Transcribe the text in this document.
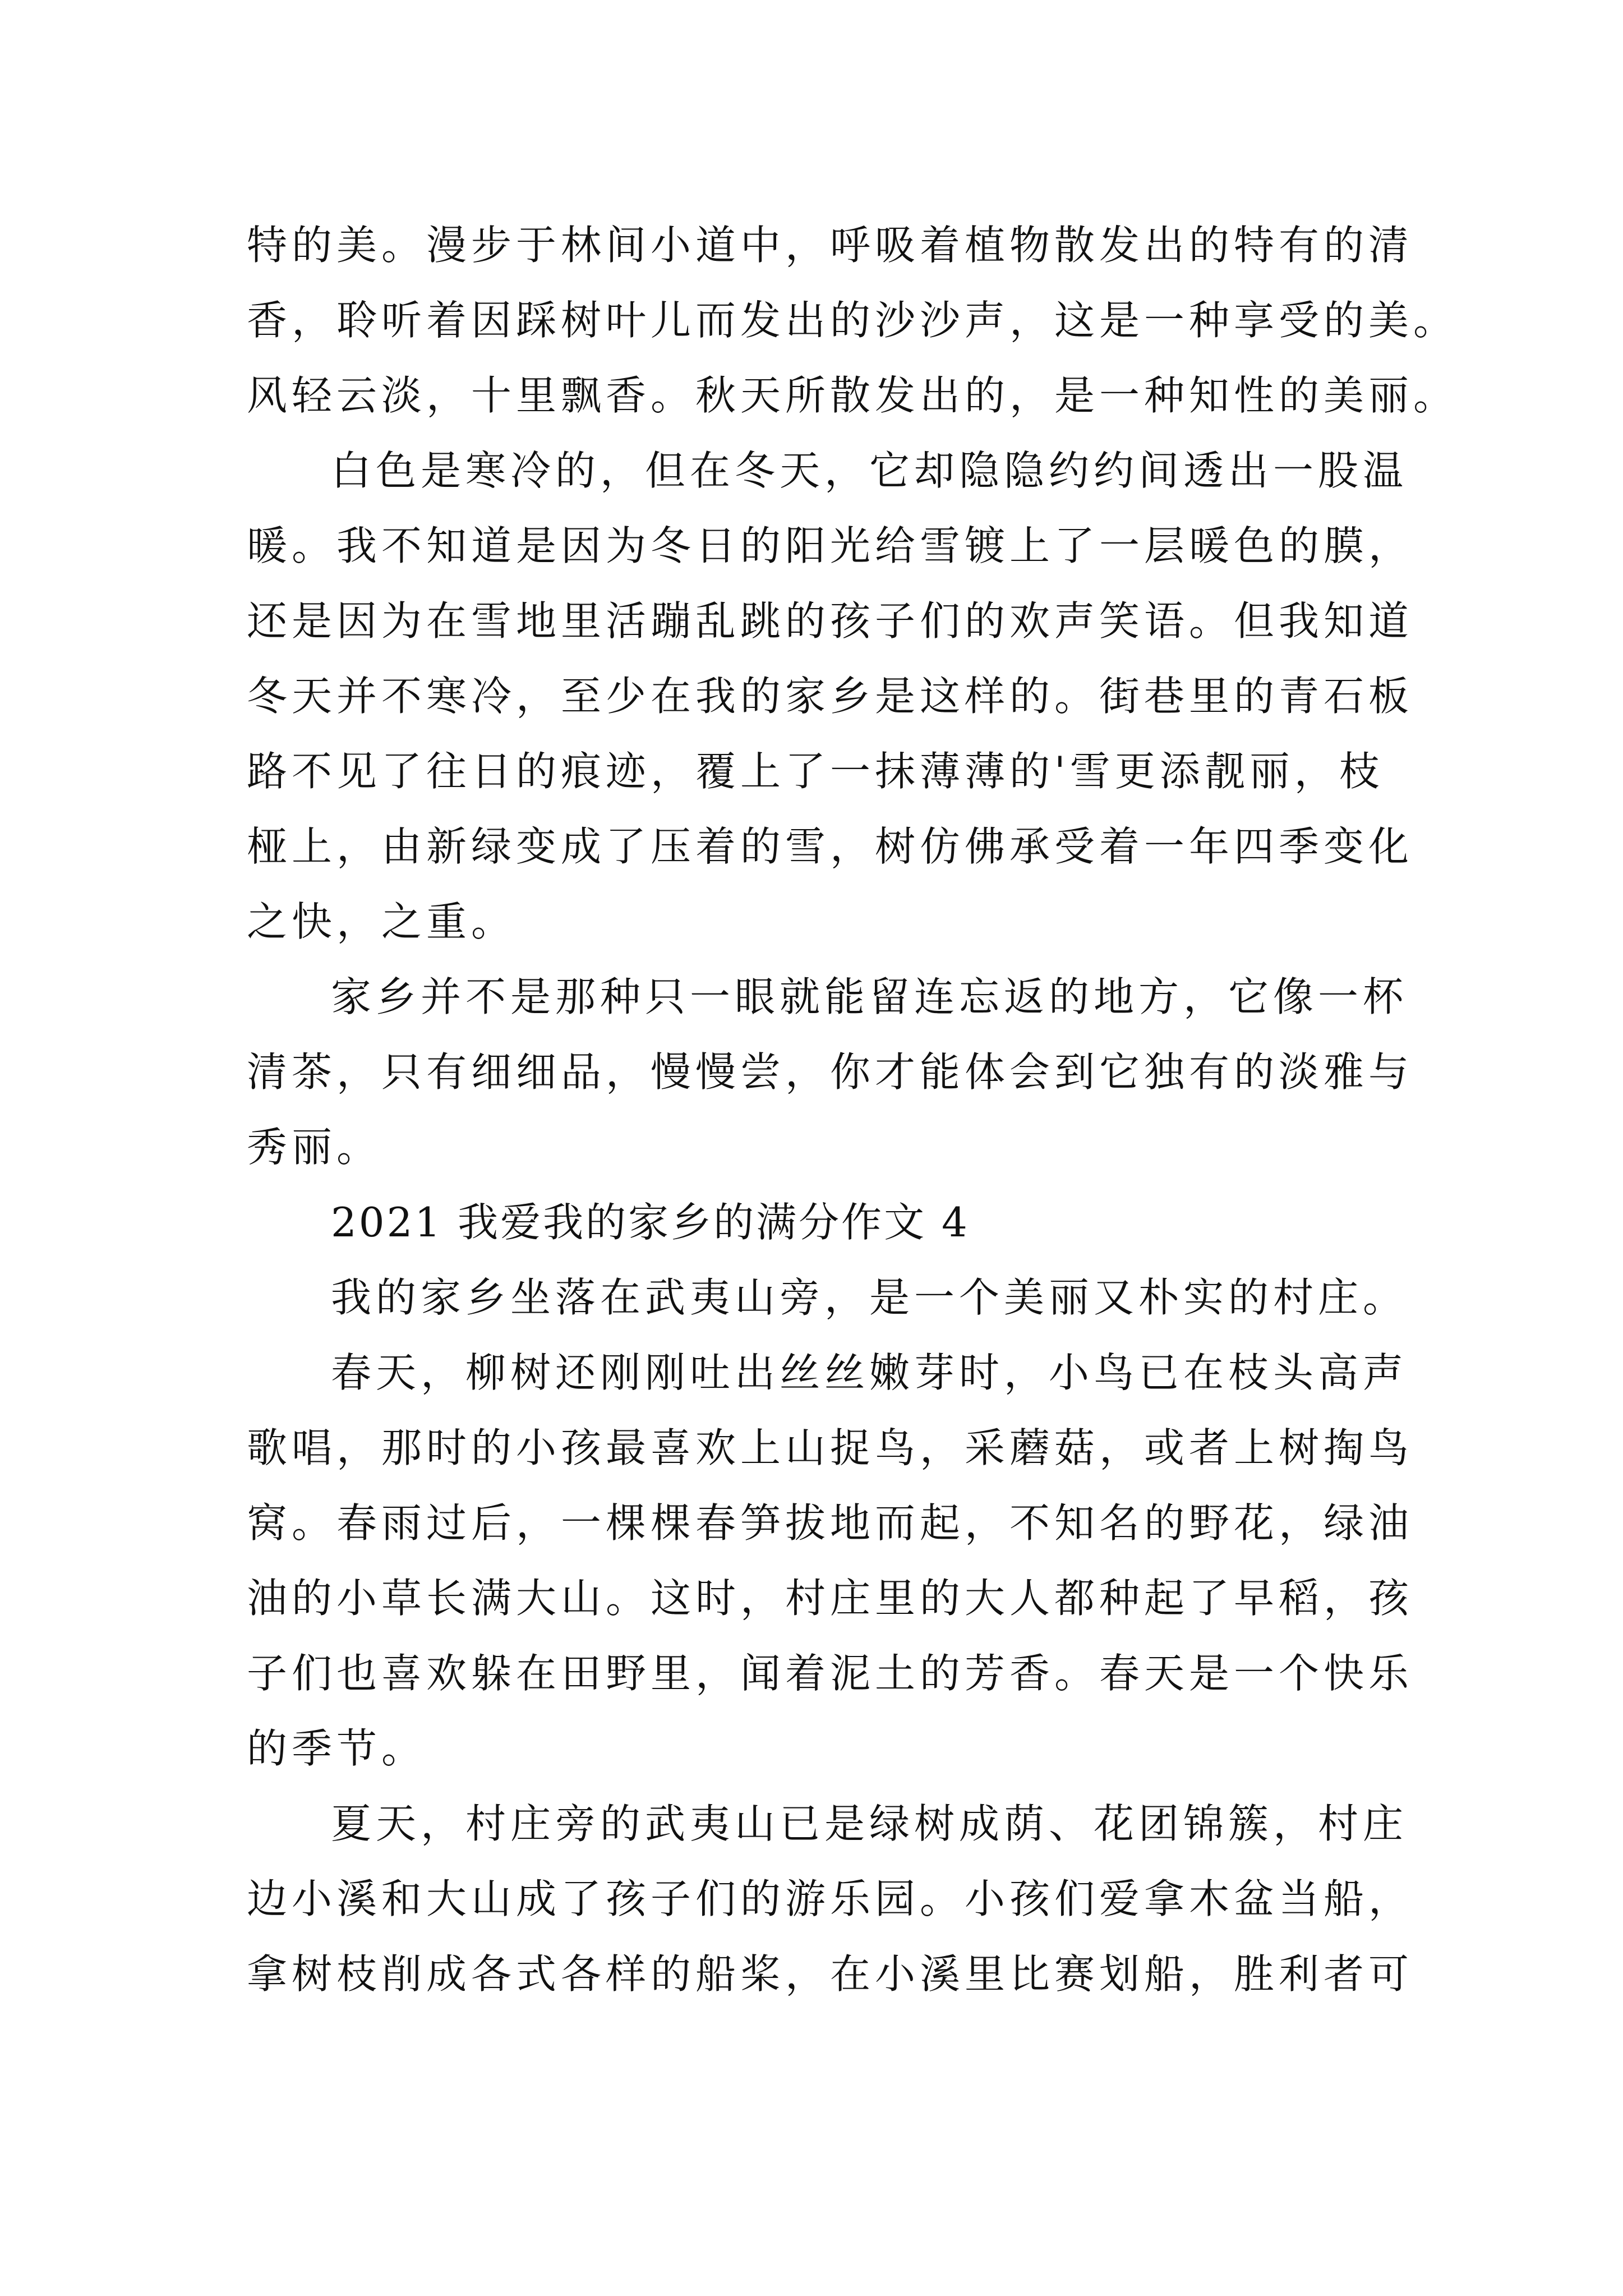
特的美。漫步于林间小道中，呼吸着植物散发出的特有的清
香，聆听着因踩树叶儿而发出的沙沙声，这是一种享受的美。
风轻云淡，十里飘香。秋天所散发出的，是一种知性的美丽。
白色是寒冷的，但在冬天，它却隐隐约约间透出一股温
暖。我不知道是因为冬日的阳光给雪镀上了一层暖色的膜，
还是因为在雪地里活蹦乱跳的孩子们的欢声笑语。但我知道
冬天并不寒冷，至少在我的家乡是这样的。街巷里的青石板
路不见了往日的痕迹，覆上了一抹薄薄的'雪更添靓丽，枝
桠上，由新绿变成了压着的雪，树仿佛承受着一年四季变化
之快，之重。
家乡并不是那种只一眼就能留连忘返的地方，它像一杯
清茶，只有细细品，慢慢尝，你才能体会到它独有的淡雅与
秀丽。
2021 我爱我的家乡的满分作文 4
我的家乡坐落在武夷山旁，是一个美丽又朴实的村庄。
春天，柳树还刚刚吐出丝丝嫩芽时，小鸟已在枝头高声
歌唱，那时的小孩最喜欢上山捉鸟，采蘑菇，或者上树掏鸟
窝。春雨过后，一棵棵春笋拔地而起，不知名的野花，绿油
油的小草长满大山。这时，村庄里的大人都种起了早稻，孩
子们也喜欢躲在田野里，闻着泥土的芳香。春天是一个快乐
的季节。
夏天，村庄旁的武夷山已是绿树成荫、花团锦簇，村庄
边小溪和大山成了孩子们的游乐园。小孩们爱拿木盆当船，
拿树枝削成各式各样的船桨，在小溪里比赛划船，胜利者可
